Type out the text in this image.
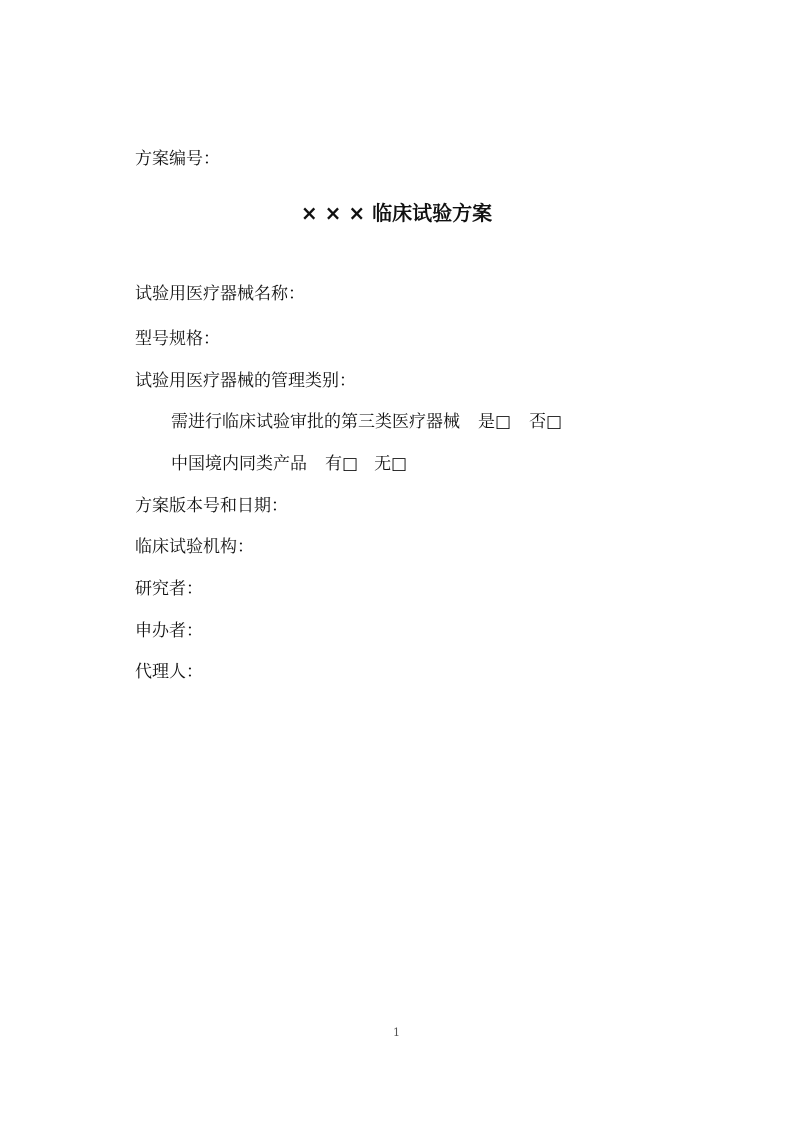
方案编号：
× × × 临床试验方案
试验用医疗器械名称：
型号规格：
试验用医疗器械的管理类别：
需进行临床试验审批的第三类医疗器械 是□ 否□
中国境内同类产品 有□ 无□
方案版本号和日期：
临床试验机构：
研究者：
申办者：
代理人：
1
